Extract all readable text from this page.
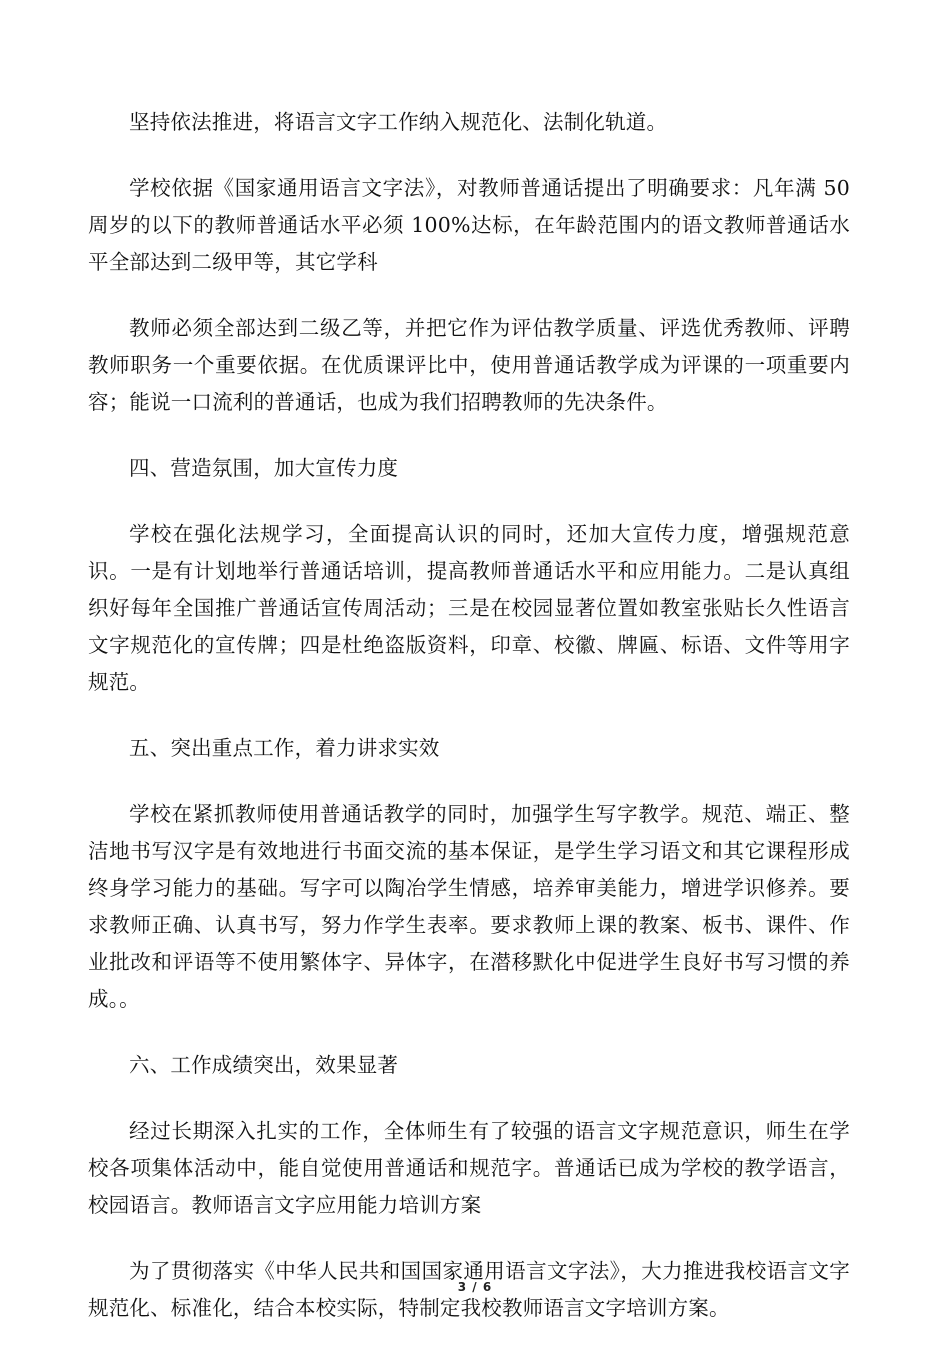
坚持依法推进，将语言文字工作纳入规范化、法制化轨道。

学校依据《国家通用语言文字法》，对教师普通话提出了明确要求：凡年满 50 周岁的以下的教师普通话水平必须 100%达标，在年龄范围内的语文教师普通话水平全部达到二级甲等，其它学科

教师必须全部达到二级乙等，并把它作为评估教学质量、评选优秀教师、评聘教师职务一个重要依据。在优质课评比中，使用普通话教学成为评课的一项重要内容；能说一口流利的普通话，也成为我们招聘教师的先决条件。

四、营造氛围，加大宣传力度

学校在强化法规学习，全面提高认识的同时，还加大宣传力度，增强规范意识。一是有计划地举行普通话培训，提高教师普通话水平和应用能力。二是认真组织好每年全国推广普通话宣传周活动；三是在校园显著位置如教室张贴长久性语言文字规范化的宣传牌；四是杜绝盗版资料，印章、校徽、牌匾、标语、文件等用字规范。

五、突出重点工作，着力讲求实效

学校在紧抓教师使用普通话教学的同时，加强学生写字教学。规范、端正、整洁地书写汉字是有效地进行书面交流的基本保证，是学生学习语文和其它课程形成终身学习能力的基础。写字可以陶冶学生情感，培养审美能力，增进学识修养。要求教师正确、认真书写，努力作学生表率。要求教师上课的教案、板书、课件、作业批改和评语等不使用繁体字、异体字，在潜移默化中促进学生良好书写习惯的养成。。

六、工作成绩突出，效果显著

经过长期深入扎实的工作，全体师生有了较强的语言文字规范意识，师生在学校各项集体活动中，能自觉使用普通话和规范字。普通话已成为学校的教学语言，校园语言。教师语言文字应用能力培训方案

为了贯彻落实《中华人民共和国国家通用语言文字法》，大力推进我校语言文字规范化、标准化，结合本校实际，特制定我校教师语言文字培训方案。

3 / 6
